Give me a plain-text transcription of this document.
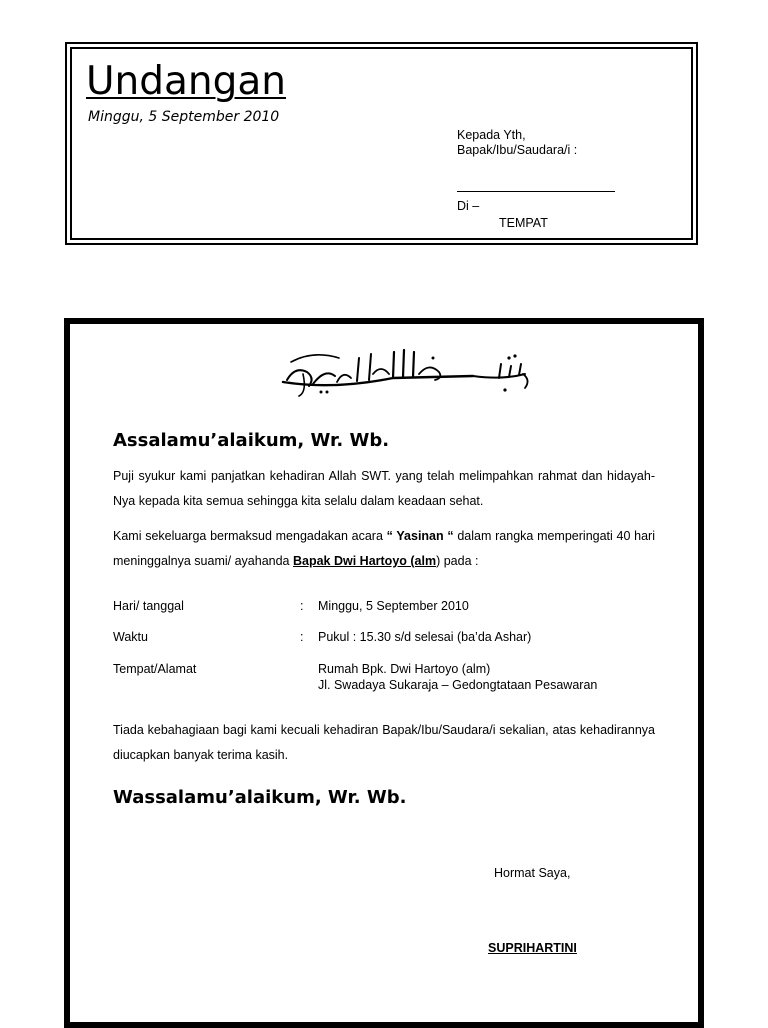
Undangan
Minggu, 5 September 2010
Kepada Yth,
Bapak/Ibu/Saudara/i :
Di –
TEMPAT
Assalamu’alaikum, Wr. Wb.

Puji syukur kami panjatkan kehadiran Allah SWT. yang telah melimpahkan rahmat dan hidayah-Nya kepada kita semua sehingga kita selalu dalam keadaan sehat.

Kami sekeluarga bermaksud mengadakan acara “ Yasinan “ dalam rangka memperingati 40 hari meninggalnya suami/ ayahanda Bapak Dwi Hartoyo (alm) pada :

Hari/ tanggal	: Minggu, 5 September 2010
Waktu	: Pukul : 15.30 s/d selesai (ba’da Ashar)
Tempat/Alamat	Rumah Bpk. Dwi Hartoyo (alm)
Jl. Swadaya Sukaraja – Gedongtataan Pesawaran

Tiada kebahagiaan bagi kami kecuali kehadiran Bapak/Ibu/Saudara/i sekalian, atas kehadirannya diucapkan banyak terima kasih.

Wassalamu’alaikum, Wr. Wb.
Hormat Saya,
SUPRIHARTINI
